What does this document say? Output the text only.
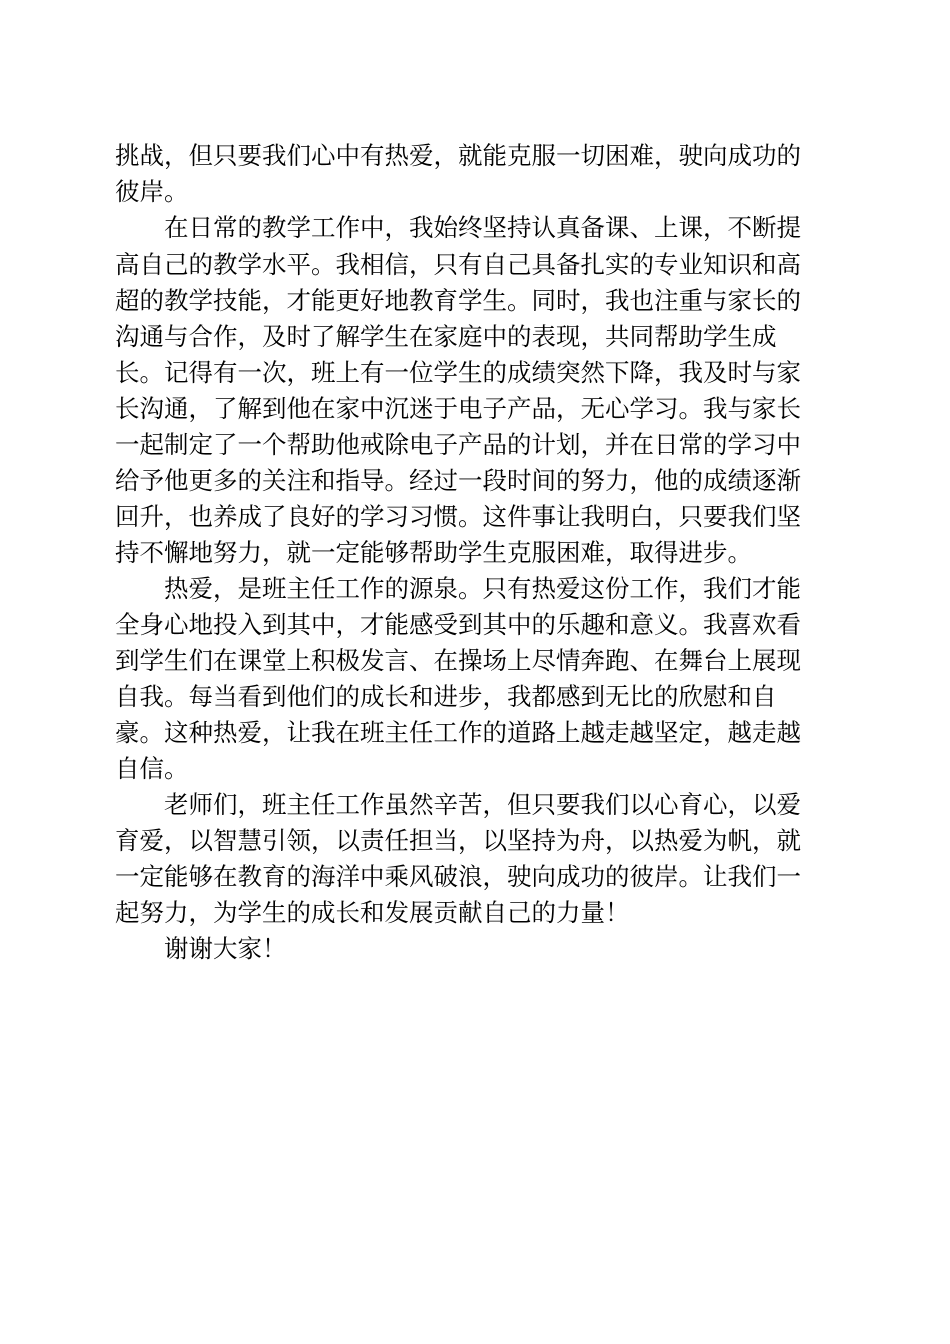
挑战，但只要我们心中有热爱，就能克服一切困难，驶向成功的
彼岸。
在日常的教学工作中，我始终坚持认真备课、上课，不断提
高自己的教学水平。我相信，只有自己具备扎实的专业知识和高
超的教学技能，才能更好地教育学生。同时，我也注重与家长的
沟通与合作，及时了解学生在家庭中的表现，共同帮助学生成
长。记得有一次，班上有一位学生的成绩突然下降，我及时与家
长沟通，了解到他在家中沉迷于电子产品，无心学习。我与家长
一起制定了一个帮助他戒除电子产品的计划，并在日常的学习中
给予他更多的关注和指导。经过一段时间的努力，他的成绩逐渐
回升，也养成了良好的学习习惯。这件事让我明白，只要我们坚
持不懈地努力，就一定能够帮助学生克服困难，取得进步。
热爱，是班主任工作的源泉。只有热爱这份工作，我们才能
全身心地投入到其中，才能感受到其中的乐趣和意义。我喜欢看
到学生们在课堂上积极发言、在操场上尽情奔跑、在舞台上展现
自我。每当看到他们的成长和进步，我都感到无比的欣慰和自
豪。这种热爱，让我在班主任工作的道路上越走越坚定，越走越
自信。
老师们，班主任工作虽然辛苦，但只要我们以心育心，以爱
育爱，以智慧引领，以责任担当，以坚持为舟，以热爱为帆，就
一定能够在教育的海洋中乘风破浪，驶向成功的彼岸。让我们一
起努力，为学生的成长和发展贡献自己的力量！
谢谢大家！
